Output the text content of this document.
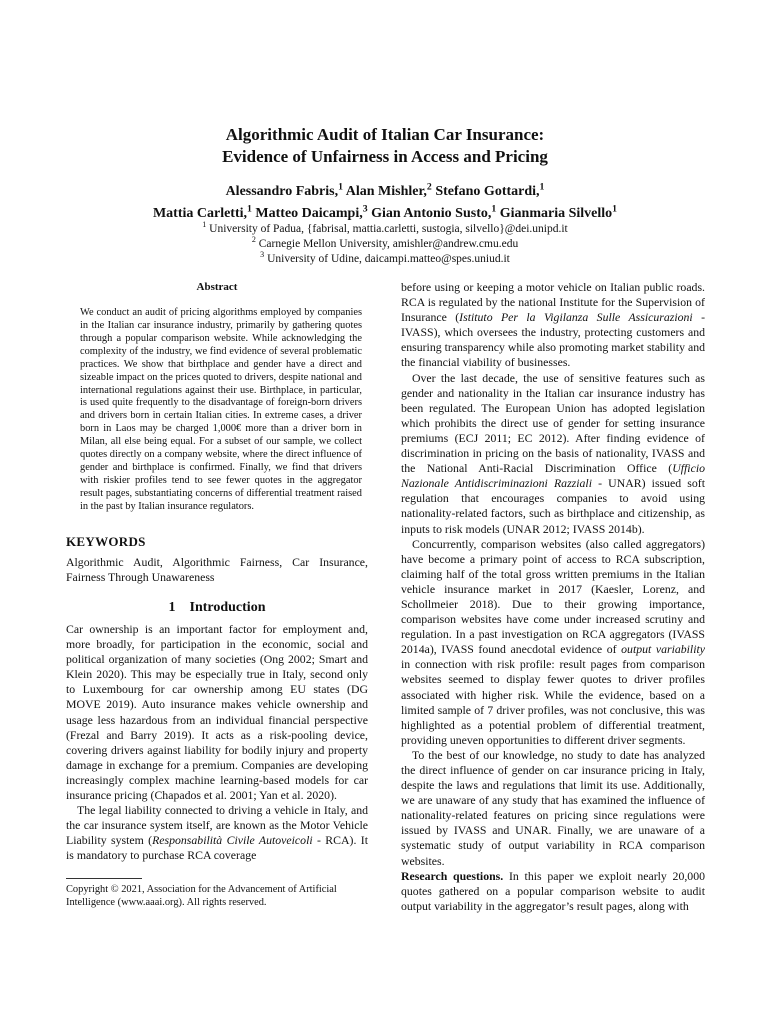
Algorithmic Audit of Italian Car Insurance:
Evidence of Unfairness in Access and Pricing
Alessandro Fabris,$^1$ Alan Mishler,$^2$ Stefano Gottardi,$^1$
Mattia Carletti,$^1$ Matteo Daicampi,$^3$ Gian Antonio Susto,$^1$ Gianmaria Silvello$^1$
$^1$ University of Padua, {fabrisal, mattia.carletti, sustogia, silvello}@dei.unipd.it
$^2$ Carnegie Mellon University, amishler@andrew.cmu.edu
$^3$ University of Udine, daicampi.matteo@spes.uniud.it
Abstract

We conduct an audit of pricing algorithms employed by companies in the Italian car insurance industry, primarily by gathering quotes through a popular comparison website. While acknowledging the complexity of the industry, we find evidence of several problematic practices. We show that birthplace and gender have a direct and sizeable impact on the prices quoted to drivers, despite national and international regulations against their use. Birthplace, in particular, is used quite frequently to the disadvantage of foreign-born drivers and drivers born in certain Italian cities. In extreme cases, a driver born in Laos may be charged 1,000€ more than a driver born in Milan, all else being equal. For a subset of our sample, we collect quotes directly on a company website, where the direct influence of gender and birthplace is confirmed. Finally, we find that drivers with riskier profiles tend to see fewer quotes in the aggregator result pages, substantiating concerns of differential treatment raised in the past by Italian insurance regulators.

KEYWORDS

Algorithmic Audit, Algorithmic Fairness, Car Insurance, Fairness Through Unawareness

1 Introduction

Car ownership is an important factor for employment and, more broadly, for participation in the economic, social and political organization of many societies (Ong 2002; Smart and Klein 2020). This may be especially true in Italy, second only to Luxembourg for car ownership among EU states (DG MOVE 2019). Auto insurance makes vehicle ownership and usage less hazardous from an individual financial perspective (Frezal and Barry 2019). It acts as a risk-pooling device, covering drivers against liability for bodily injury and property damage in exchange for a premium. Companies are developing increasingly complex machine learning-based models for car insurance pricing (Chapados et al. 2001; Yan et al. 2020).

The legal liability connected to driving a vehicle in Italy, and the car insurance system itself, are known as the Motor Vehicle Liability system (Responsabilità Civile Autoveicoli - RCA). It is mandatory to purchase RCA coverage

Copyright © 2021, Association for the Advancement of Artificial Intelligence (www.aaai.org). All rights reserved.

before using or keeping a motor vehicle on Italian public roads. RCA is regulated by the national Institute for the Supervision of Insurance (Istituto Per la Vigilanza Sulle Assicurazioni - IVASS), which oversees the industry, protecting customers and ensuring transparency while also promoting market stability and the financial viability of businesses.

Over the last decade, the use of sensitive features such as gender and nationality in the Italian car insurance industry has been regulated. The European Union has adopted legislation which prohibits the direct use of gender for setting insurance premiums (ECJ 2011; EC 2012). After finding evidence of discrimination in pricing on the basis of nationality, IVASS and the National Anti-Racial Discrimination Office (Ufficio Nazionale Antidiscriminazioni Razziali - UNAR) issued soft regulation that encourages companies to avoid using nationality-related factors, such as birthplace and citizenship, as inputs to risk models (UNAR 2012; IVASS 2014b).

Concurrently, comparison websites (also called aggregators) have become a primary point of access to RCA subscription, claiming half of the total gross written premiums in the Italian vehicle insurance market in 2017 (Kaesler, Lorenz, and Schollmeier 2018). Due to their growing importance, comparison websites have come under increased scrutiny and regulation. In a past investigation on RCA aggregators (IVASS 2014a), IVASS found anecdotal evidence of output variability in connection with risk profile: result pages from comparison websites seemed to display fewer quotes to driver profiles associated with higher risk. While the evidence, based on a limited sample of 7 driver profiles, was not conclusive, this was highlighted as a potential problem of differential treatment, providing uneven opportunities to different driver segments.

To the best of our knowledge, no study to date has analyzed the direct influence of gender on car insurance pricing in Italy, despite the laws and regulations that limit its use. Additionally, we are unaware of any study that has examined the influence of nationality-related features on pricing since regulations were issued by IVASS and UNAR. Finally, we are unaware of a systematic study of output variability in RCA comparison websites.

Research questions. In this paper we exploit nearly 20,000 quotes gathered on a popular comparison website to audit output variability in the aggregator’s result pages, along with
